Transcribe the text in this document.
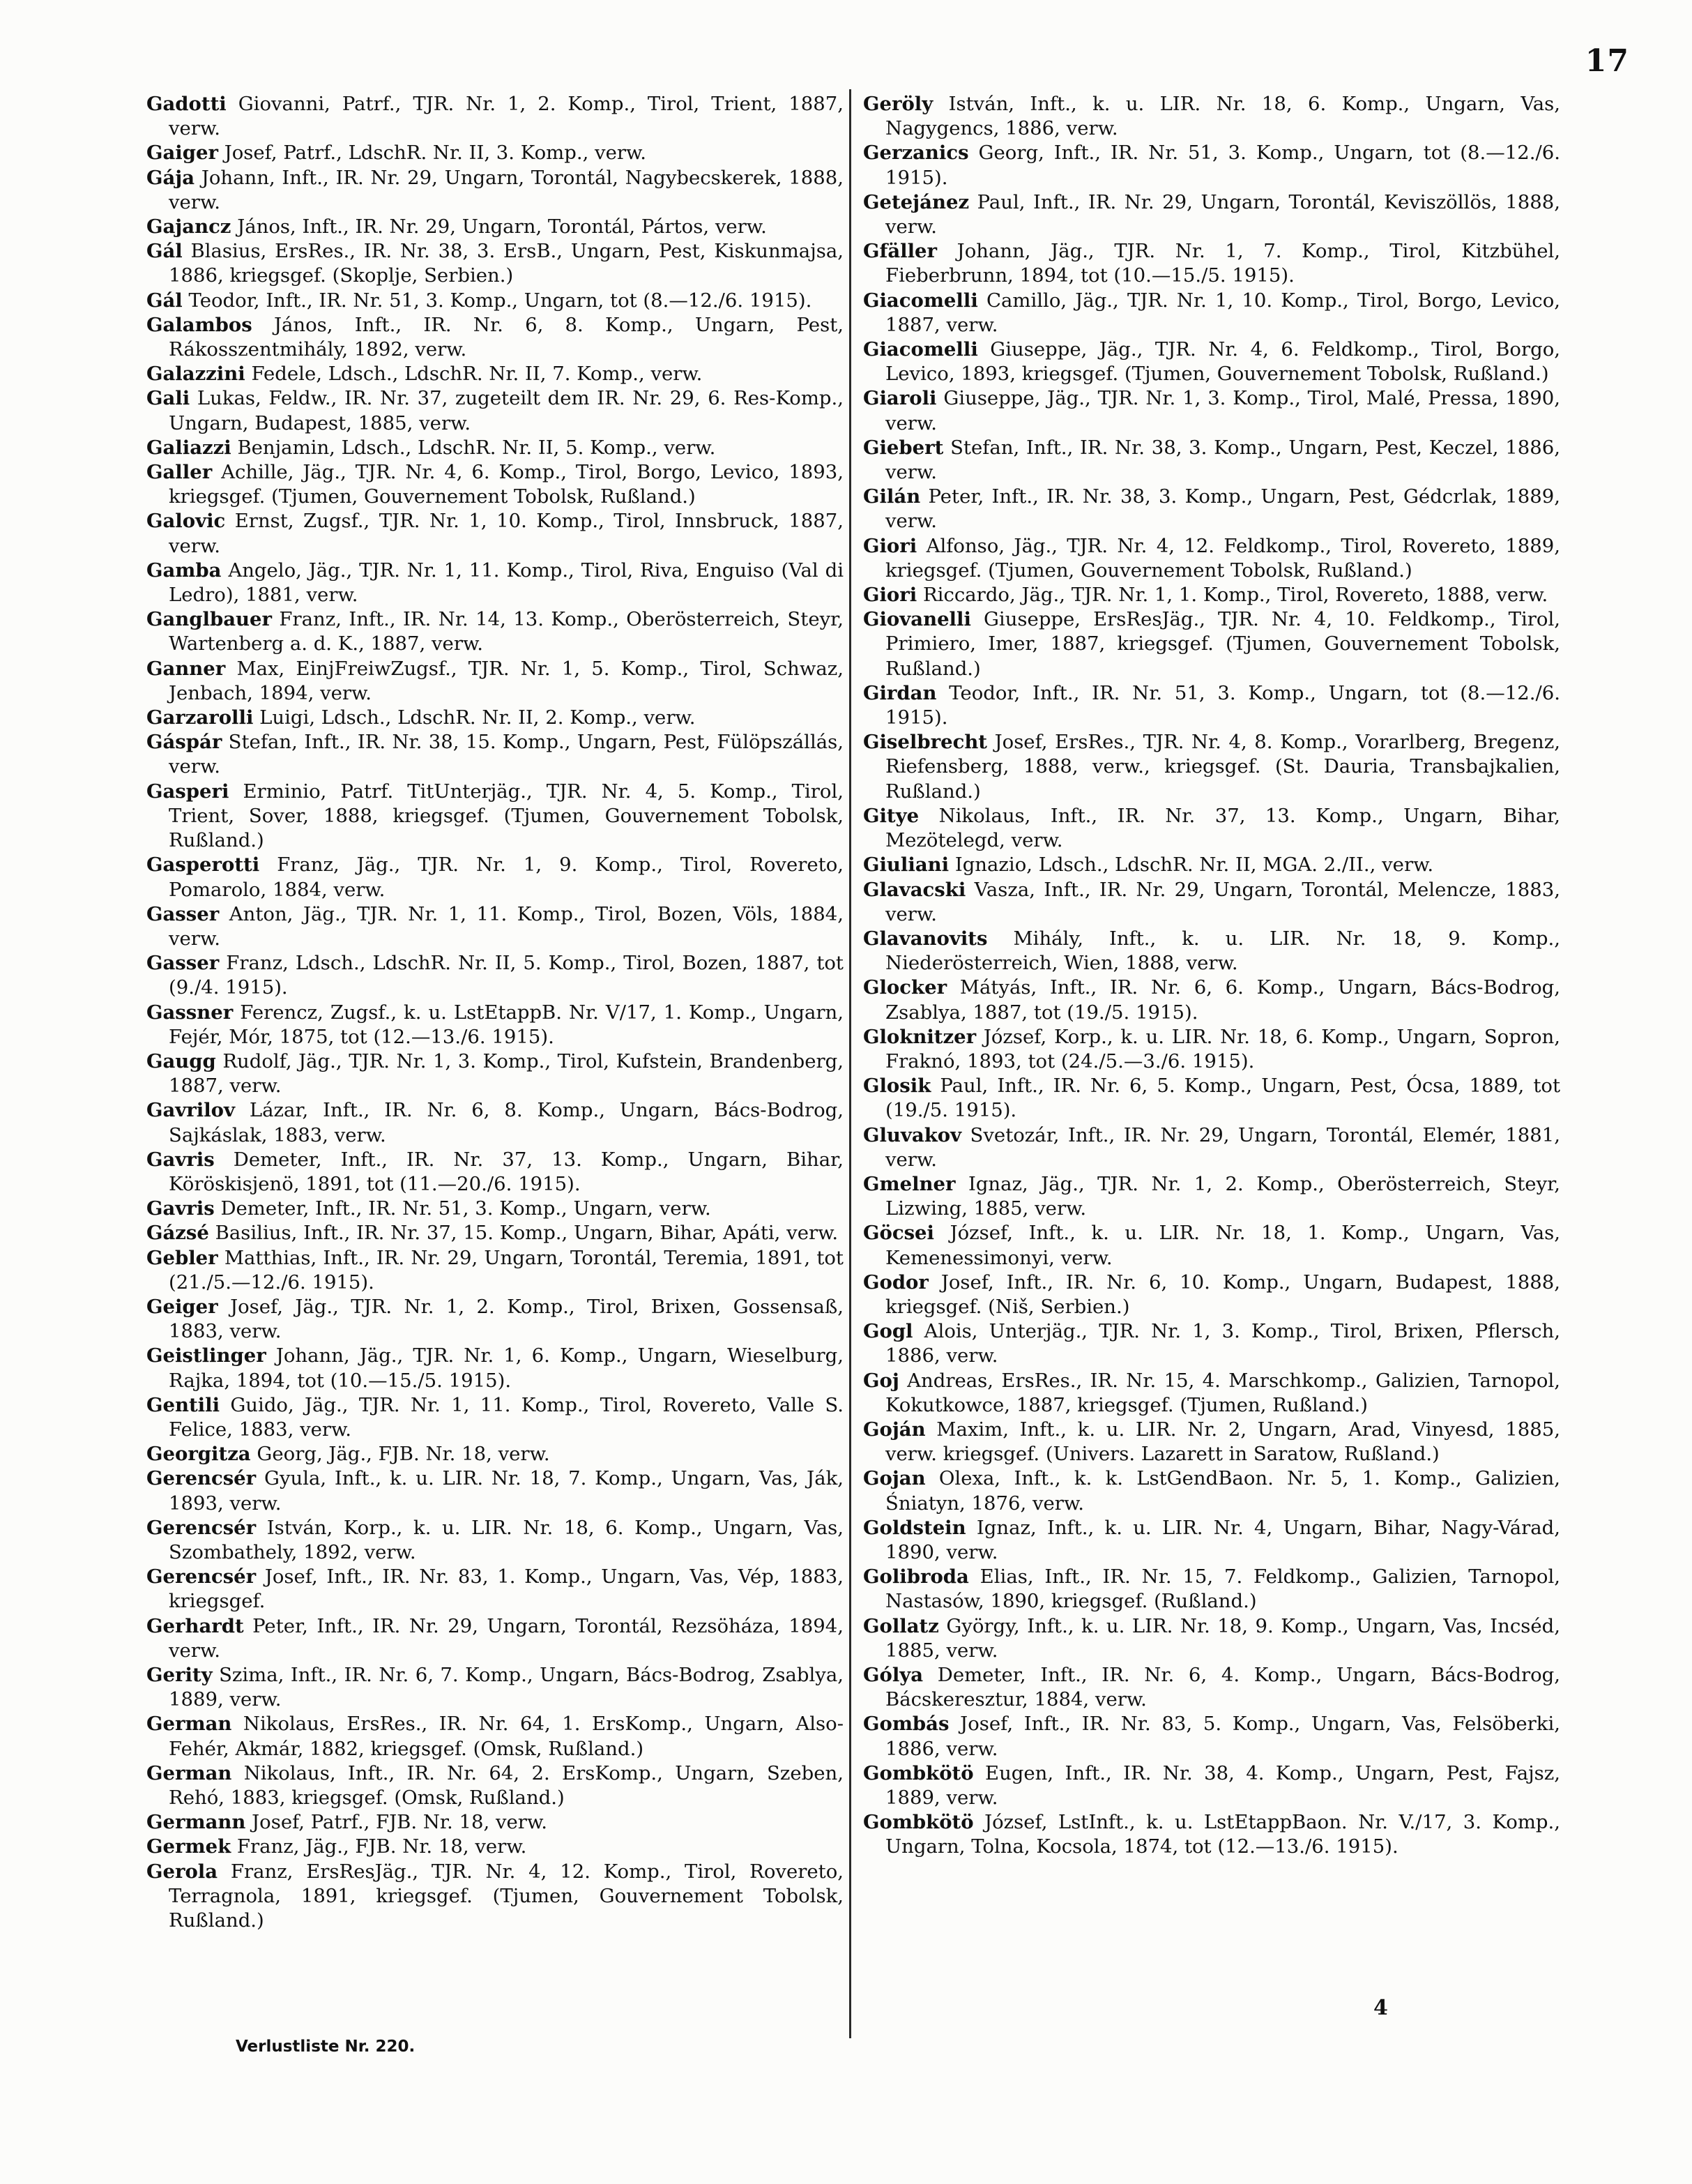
17

Gadotti Giovanni, Patrf., TJR. Nr. 1, 2. Komp., Tirol, Trient, 1887, verw.

Gaiger Josef, Patrf., LdschR. Nr. II, 3. Komp., verw.

Gája Johann, Inft., IR. Nr. 29, Ungarn, Torontál, Nagybecskerek, 1888, verw.

Gajancz János, Inft., IR. Nr. 29, Ungarn, Torontál, Pártos, verw.

Gál Blasius, ErsRes., IR. Nr. 38, 3. ErsB., Ungarn, Pest, Kiskunmajsa, 1886, kriegsgef. (Skoplje, Serbien.)

Gál Teodor, Inft., IR. Nr. 51, 3. Komp., Ungarn, tot (8.—12./6. 1915).

Galambos János, Inft., IR. Nr. 6, 8. Komp., Ungarn, Pest, Rákosszentmihály, 1892, verw.

Galazzini Fedele, Ldsch., LdschR. Nr. II, 7. Komp., verw.

Gali Lukas, Feldw., IR. Nr. 37, zugeteilt dem IR. Nr. 29, 6. Res-Komp., Ungarn, Budapest, 1885, verw.

Galiazzi Benjamin, Ldsch., LdschR. Nr. II, 5. Komp., verw.

Galler Achille, Jäg., TJR. Nr. 4, 6. Komp., Tirol, Borgo, Levico, 1893, kriegsgef. (Tjumen, Gouvernement Tobolsk, Rußland.)

Galovic Ernst, Zugsf., TJR. Nr. 1, 10. Komp., Tirol, Innsbruck, 1887, verw.

Gamba Angelo, Jäg., TJR. Nr. 1, 11. Komp., Tirol, Riva, Enguiso (Val di Ledro), 1881, verw.

Ganglbauer Franz, Inft., IR. Nr. 14, 13. Komp., Oberösterreich, Steyr, Wartenberg a. d. K., 1887, verw.

Ganner Max, EinjFreiwZugsf., TJR. Nr. 1, 5. Komp., Tirol, Schwaz, Jenbach, 1894, verw.

Garzarolli Luigi, Ldsch., LdschR. Nr. II, 2. Komp., verw.

Gáspár Stefan, Inft., IR. Nr. 38, 15. Komp., Ungarn, Pest, Fülöpszállás, verw.

Gasperi Erminio, Patrf. TitUnterjäg., TJR. Nr. 4, 5. Komp., Tirol, Trient, Sover, 1888, kriegsgef. (Tjumen, Gouvernement Tobolsk, Rußland.)

Gasperotti Franz, Jäg., TJR. Nr. 1, 9. Komp., Tirol, Rovereto, Pomarolo, 1884, verw.

Gasser Anton, Jäg., TJR. Nr. 1, 11. Komp., Tirol, Bozen, Völs, 1884, verw.

Gasser Franz, Ldsch., LdschR. Nr. II, 5. Komp., Tirol, Bozen, 1887, tot (9./4. 1915).

Gassner Ferencz, Zugsf., k. u. LstEtappB. Nr. V/17, 1. Komp., Ungarn, Fejér, Mór, 1875, tot (12.—13./6. 1915).

Gaugg Rudolf, Jäg., TJR. Nr. 1, 3. Komp., Tirol, Kufstein, Brandenberg, 1887, verw.

Gavrilov Lázar, Inft., IR. Nr. 6, 8. Komp., Ungarn, Bács-Bodrog, Sajkáslak, 1883, verw.

Gavris Demeter, Inft., IR. Nr. 37, 13. Komp., Ungarn, Bihar, Köröskisjenö, 1891, tot (11.—20./6. 1915).

Gavris Demeter, Inft., IR. Nr. 51, 3. Komp., Ungarn, verw.

Gázsé Basilius, Inft., IR. Nr. 37, 15. Komp., Ungarn, Bihar, Apáti, verw.

Gebler Matthias, Inft., IR. Nr. 29, Ungarn, Torontál, Teremia, 1891, tot (21./5.—12./6. 1915).

Geiger Josef, Jäg., TJR. Nr. 1, 2. Komp., Tirol, Brixen, Gossensaß, 1883, verw.

Geistlinger Johann, Jäg., TJR. Nr. 1, 6. Komp., Ungarn, Wieselburg, Rajka, 1894, tot (10.—15./5. 1915).

Gentili Guido, Jäg., TJR. Nr. 1, 11. Komp., Tirol, Rovereto, Valle S. Felice, 1883, verw.

Georgitza Georg, Jäg., FJB. Nr. 18, verw.

Gerencsér Gyula, Inft., k. u. LIR. Nr. 18, 7. Komp., Ungarn, Vas, Ják, 1893, verw.

Gerencsér István, Korp., k. u. LIR. Nr. 18, 6. Komp., Ungarn, Vas, Szombathely, 1892, verw.

Gerencsér Josef, Inft., IR. Nr. 83, 1. Komp., Ungarn, Vas, Vép, 1883, kriegsgef.

Gerhardt Peter, Inft., IR. Nr. 29, Ungarn, Torontál, Rezsöháza, 1894, verw.

Gerity Szima, Inft., IR. Nr. 6, 7. Komp., Ungarn, Bács-Bodrog, Zsablya, 1889, verw.

German Nikolaus, ErsRes., IR. Nr. 64, 1. ErsKomp., Ungarn, Also-Fehér, Akmár, 1882, kriegsgef. (Omsk, Rußland.)

German Nikolaus, Inft., IR. Nr. 64, 2. ErsKomp., Ungarn, Szeben, Rehó, 1883, kriegsgef. (Omsk, Rußland.)

Germann Josef, Patrf., FJB. Nr. 18, verw.

Germek Franz, Jäg., FJB. Nr. 18, verw.

Gerola Franz, ErsResJäg., TJR. Nr. 4, 12. Komp., Tirol, Rovereto, Terragnola, 1891, kriegsgef. (Tjumen, Gouvernement Tobolsk, Rußland.)

Geröly István, Inft., k. u. LIR. Nr. 18, 6. Komp., Ungarn, Vas, Nagygencs, 1886, verw.

Gerzanics Georg, Inft., IR. Nr. 51, 3. Komp., Ungarn, tot (8.—12./6. 1915).

Getejánez Paul, Inft., IR. Nr. 29, Ungarn, Torontál, Keviszöllös, 1888, verw.

Gfäller Johann, Jäg., TJR. Nr. 1, 7. Komp., Tirol, Kitzbühel, Fieberbrunn, 1894, tot (10.—15./5. 1915).

Giacomelli Camillo, Jäg., TJR. Nr. 1, 10. Komp., Tirol, Borgo, Levico, 1887, verw.

Giacomelli Giuseppe, Jäg., TJR. Nr. 4, 6. Feldkomp., Tirol, Borgo, Levico, 1893, kriegsgef. (Tjumen, Gouvernement Tobolsk, Rußland.)

Giaroli Giuseppe, Jäg., TJR. Nr. 1, 3. Komp., Tirol, Malé, Pressa, 1890, verw.

Giebert Stefan, Inft., IR. Nr. 38, 3. Komp., Ungarn, Pest, Keczel, 1886, verw.

Gilán Peter, Inft., IR. Nr. 38, 3. Komp., Ungarn, Pest, Gédcrlak, 1889, verw.

Giori Alfonso, Jäg., TJR. Nr. 4, 12. Feldkomp., Tirol, Rovereto, 1889, kriegsgef. (Tjumen, Gouvernement Tobolsk, Rußland.)

Giori Riccardo, Jäg., TJR. Nr. 1, 1. Komp., Tirol, Rovereto, 1888, verw.

Giovanelli Giuseppe, ErsResJäg., TJR. Nr. 4, 10. Feldkomp., Tirol, Primiero, Imer, 1887, kriegsgef. (Tjumen, Gouvernement Tobolsk, Rußland.)

Girdan Teodor, Inft., IR. Nr. 51, 3. Komp., Ungarn, tot (8.—12./6. 1915).

Giselbrecht Josef, ErsRes., TJR. Nr. 4, 8. Komp., Vorarlberg, Bregenz, Riefensberg, 1888, verw., kriegsgef. (St. Dauria, Transbajkalien, Rußland.)

Gitye Nikolaus, Inft., IR. Nr. 37, 13. Komp., Ungarn, Bihar, Mezötelegd, verw.

Giuliani Ignazio, Ldsch., LdschR. Nr. II, MGA. 2./II., verw.

Glavacski Vasza, Inft., IR. Nr. 29, Ungarn, Torontál, Melencze, 1883, verw.

Glavanovits Mihály, Inft., k. u. LIR. Nr. 18, 9. Komp., Niederösterreich, Wien, 1888, verw.

Glocker Mátyás, Inft., IR. Nr. 6, 6. Komp., Ungarn, Bács-Bodrog, Zsablya, 1887, tot (19./5. 1915).

Gloknitzer József, Korp., k. u. LIR. Nr. 18, 6. Komp., Ungarn, Sopron, Fraknó, 1893, tot (24./5.—3./6. 1915).

Glosik Paul, Inft., IR. Nr. 6, 5. Komp., Ungarn, Pest, Ócsa, 1889, tot (19./5. 1915).

Gluvakov Svetozár, Inft., IR. Nr. 29, Ungarn, Torontál, Elemér, 1881, verw.

Gmelner Ignaz, Jäg., TJR. Nr. 1, 2. Komp., Oberösterreich, Steyr, Lizwing, 1885, verw.

Göcsei József, Inft., k. u. LIR. Nr. 18, 1. Komp., Ungarn, Vas, Kemenessimonyi, verw.

Godor Josef, Inft., IR. Nr. 6, 10. Komp., Ungarn, Budapest, 1888, kriegsgef. (Niš, Serbien.)

Gogl Alois, Unterjäg., TJR. Nr. 1, 3. Komp., Tirol, Brixen, Pflersch, 1886, verw.

Goj Andreas, ErsRes., IR. Nr. 15, 4. Marschkomp., Galizien, Tarnopol, Kokutkowce, 1887, kriegsgef. (Tjumen, Rußland.)

Goján Maxim, Inft., k. u. LIR. Nr. 2, Ungarn, Arad, Vinyesd, 1885, verw. kriegsgef. (Univers. Lazarett in Saratow, Rußland.)

Gojan Olexa, Inft., k. k. LstGendBaon. Nr. 5, 1. Komp., Galizien, Śniatyn, 1876, verw.

Goldstein Ignaz, Inft., k. u. LIR. Nr. 4, Ungarn, Bihar, Nagy-Várad, 1890, verw.

Golibroda Elias, Inft., IR. Nr. 15, 7. Feldkomp., Galizien, Tarnopol, Nastasów, 1890, kriegsgef. (Rußland.)

Gollatz György, Inft., k. u. LIR. Nr. 18, 9. Komp., Ungarn, Vas, Incséd, 1885, verw.

Gólya Demeter, Inft., IR. Nr. 6, 4. Komp., Ungarn, Bács-Bodrog, Bácskeresztur, 1884, verw.

Gombás Josef, Inft., IR. Nr. 83, 5. Komp., Ungarn, Vas, Felsöberki, 1886, verw.

Gombkötö Eugen, Inft., IR. Nr. 38, 4. Komp., Ungarn, Pest, Fajsz, 1889, verw.

Gombkötö József, LstInft., k. u. LstEtappBaon. Nr. V./17, 3. Komp., Ungarn, Tolna, Kocsola, 1874, tot (12.—13./6. 1915).

Verlustliste Nr. 220.
4
